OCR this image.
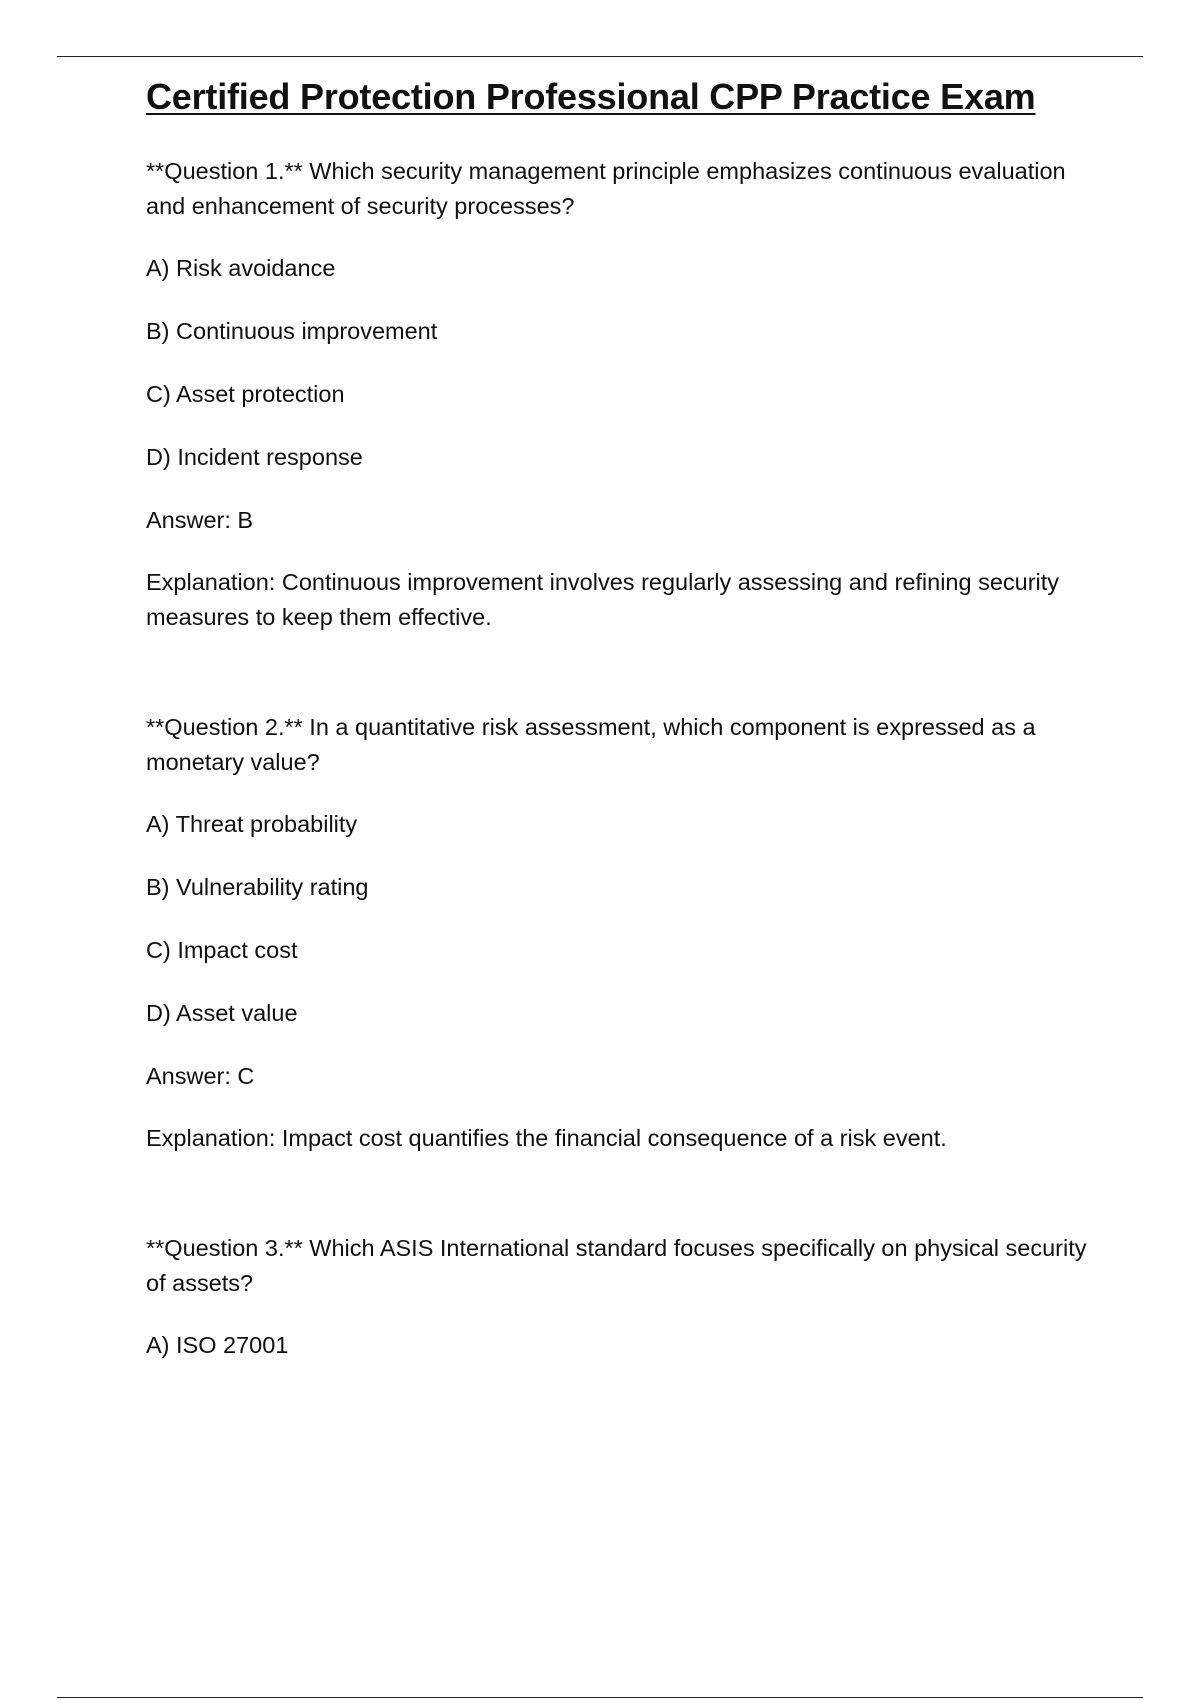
Certified Protection Professional CPP Practice Exam

**Question 1.** Which security management principle emphasizes continuous evaluation and enhancement of security processes?

A) Risk avoidance

B) Continuous improvement

C) Asset protection

D) Incident response

Answer: B

Explanation: Continuous improvement involves regularly assessing and refining security measures to keep them effective.

**Question 2.** In a quantitative risk assessment, which component is expressed as a monetary value?

A) Threat probability

B) Vulnerability rating

C) Impact cost

D) Asset value

Answer: C

Explanation: Impact cost quantifies the financial consequence of a risk event.

**Question 3.** Which ASIS International standard focuses specifically on physical security of assets?

A) ISO 27001
